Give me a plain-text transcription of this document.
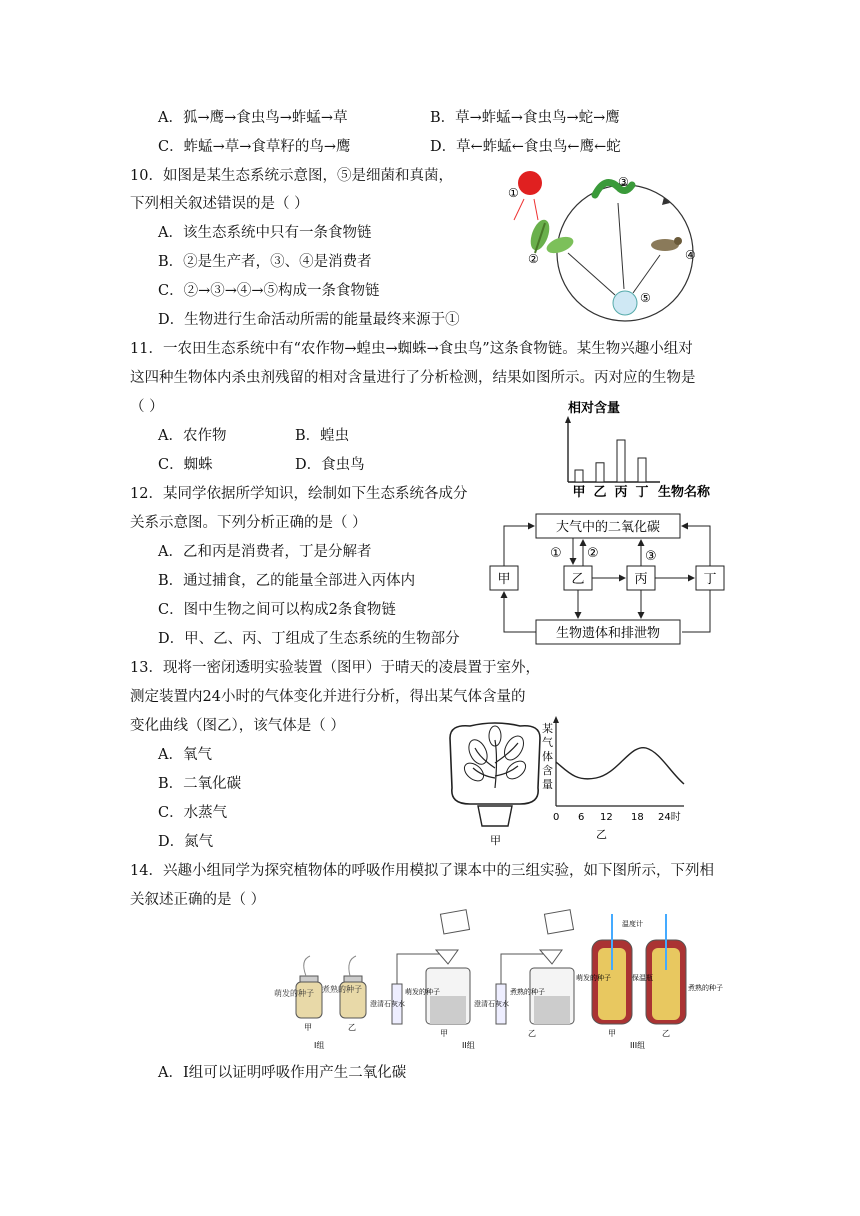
A．狐→鹰→食虫鸟→蚱蜢→草	B．草→蚱蜢→食虫鸟→蛇→鹰
C．蚱蜢→草→食草籽的鸟→鹰	D．草←蚱蜢←食虫鸟←鹰←蛇
10．如图是某生态系统示意图，⑤是细菌和真菌，
下列相关叙述错误的是（ ）
A．该生态系统中只有一条食物链
B．②是生产者，③、④是消费者
C．②→③→④→⑤构成一条食物链
D．生物进行生命活动所需的能量最终来源于①
①
③
②	④
⑤
11．一农田生态系统中有“农作物→蝗虫→蜘蛛→食虫鸟”这条食物链。某生物兴趣小组对
这四种生物体内杀虫剂残留的相对含量进行了分析检测，结果如图所示。丙对应的生物是
（ ）
A．农作物	B．蝗虫
C．蜘蛛	D．食虫鸟
相对含量
甲 乙 丙 丁 生物名称
12．某同学依据所学知识，绘制如下生态系统各成分
关系示意图。下列分析正确的是（ ）
A．乙和丙是消费者，丁是分解者
B．通过捕食，乙的能量全部进入丙体内
C．图中生物之间可以构成2条食物链
D．甲、乙、丙、丁组成了生态系统的生物部分
大气中的二氧化碳
生物遗体和排泄物
甲	乙	丙	丁
① ②	③
13．现将一密闭透明实验装置（图甲）于晴天的凌晨置于室外，
测定装置内24小时的气体变化并进行分析，得出某气体含量的
变化曲线（图乙），该气体是（ ）
A．氧气
B．二氧化碳
C．水蒸气
D．氮气	甲
某
气
体
含
量
0 6 12 18 24时
乙
14．兴趣小组同学为探究植物体的呼吸作用模拟了课本中的三组实验，如下图所示，下列相
关叙述正确的是（ ）
萌发的种子 煮熟的种子
甲	乙
I组
澄清石灰水
萌发的种子
甲
澄清石灰水
煮熟的种子
乙
II组
温度计
萌发的种子	保温瓶
煮熟的种子
甲	乙
III组
A．Ⅰ组可以证明呼吸作用产生二氧化碳
